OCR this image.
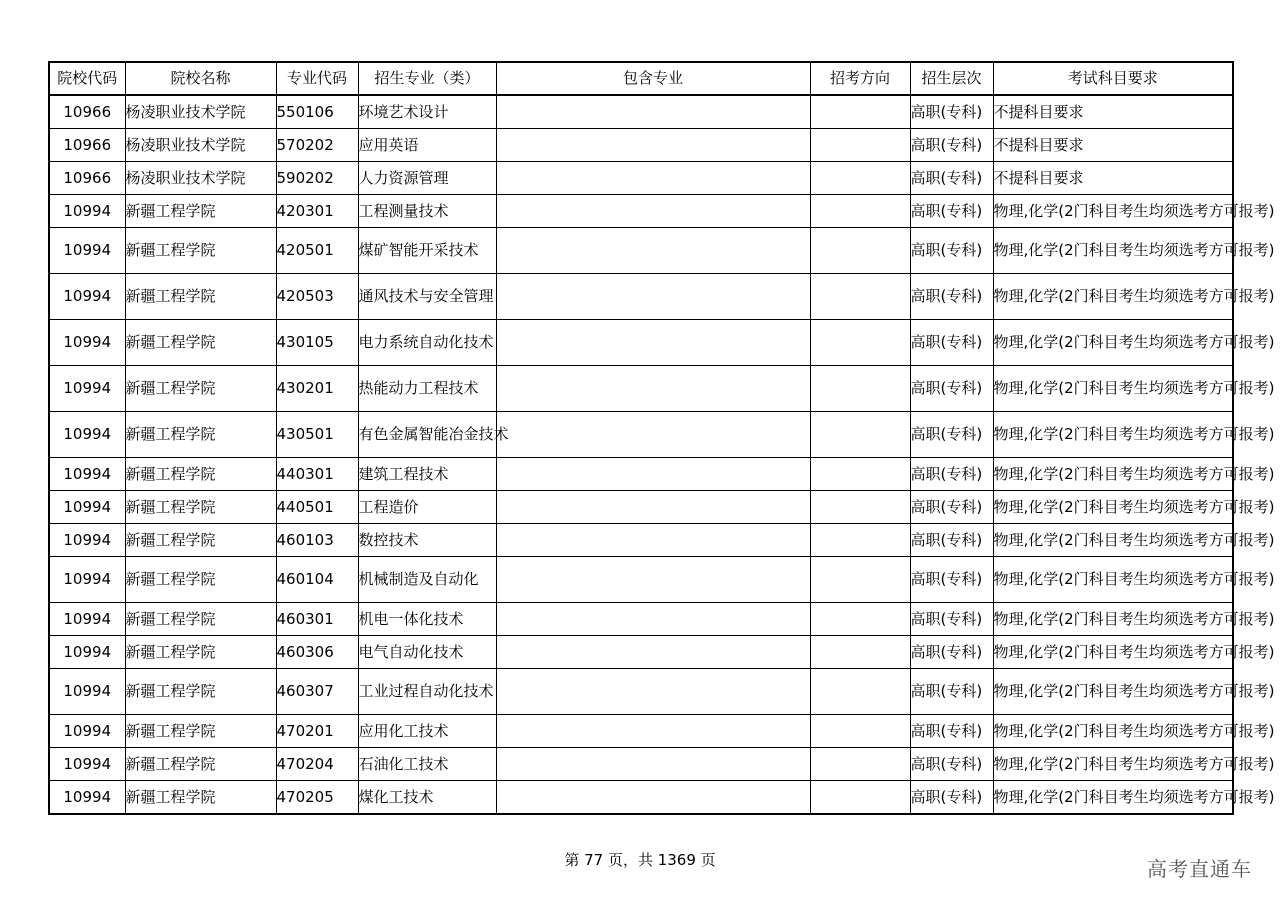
院校代码	院校名称	专业代码	招生专业（类）	包含专业	招考方向	招生层次	考试科目要求
10966	杨凌职业技术学院	550106	环境艺术设计			高职(专科)	不提科目要求
10966	杨凌职业技术学院	570202	应用英语			高职(专科)	不提科目要求
10966	杨凌职业技术学院	590202	人力资源管理			高职(专科)	不提科目要求
10994	新疆工程学院	420301	工程测量技术			高职(专科)	物理,化学(2门科目考生均须选考方可报考)
10994	新疆工程学院	420501	煤矿智能开采技术			高职(专科)	物理,化学(2门科目考生均须选考方可报考)
10994	新疆工程学院	420503	通风技术与安全管理			高职(专科)	物理,化学(2门科目考生均须选考方可报考)
10994	新疆工程学院	430105	电力系统自动化技术			高职(专科)	物理,化学(2门科目考生均须选考方可报考)
10994	新疆工程学院	430201	热能动力工程技术			高职(专科)	物理,化学(2门科目考生均须选考方可报考)
10994	新疆工程学院	430501	有色金属智能冶金技术			高职(专科)	物理,化学(2门科目考生均须选考方可报考)
10994	新疆工程学院	440301	建筑工程技术			高职(专科)	物理,化学(2门科目考生均须选考方可报考)
10994	新疆工程学院	440501	工程造价			高职(专科)	物理,化学(2门科目考生均须选考方可报考)
10994	新疆工程学院	460103	数控技术			高职(专科)	物理,化学(2门科目考生均须选考方可报考)
10994	新疆工程学院	460104	机械制造及自动化			高职(专科)	物理,化学(2门科目考生均须选考方可报考)
10994	新疆工程学院	460301	机电一体化技术			高职(专科)	物理,化学(2门科目考生均须选考方可报考)
10994	新疆工程学院	460306	电气自动化技术			高职(专科)	物理,化学(2门科目考生均须选考方可报考)
10994	新疆工程学院	460307	工业过程自动化技术			高职(专科)	物理,化学(2门科目考生均须选考方可报考)
10994	新疆工程学院	470201	应用化工技术			高职(专科)	物理,化学(2门科目考生均须选考方可报考)
10994	新疆工程学院	470204	石油化工技术			高职(专科)	物理,化学(2门科目考生均须选考方可报考)
10994	新疆工程学院	470205	煤化工技术			高职(专科)	物理,化学(2门科目考生均须选考方可报考)
第 77 页，共 1369 页	高考直通车
